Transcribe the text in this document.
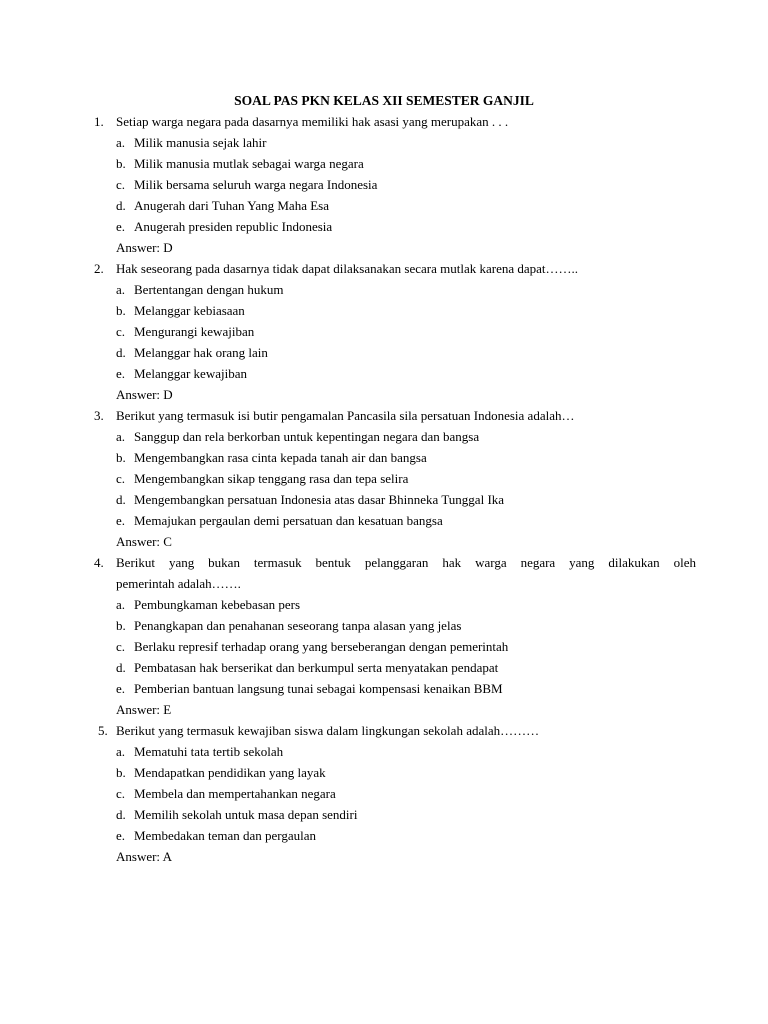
SOAL PAS PKN KELAS XII SEMESTER GANJIL
1. Setiap warga negara pada dasarnya memiliki hak asasi yang merupakan . . .
a. Milik manusia sejak lahir
b. Milik manusia mutlak sebagai warga negara
c. Milik bersama seluruh warga negara Indonesia
d. Anugerah dari Tuhan Yang Maha Esa
e. Anugerah presiden republic Indonesia
Answer: D
2. Hak seseorang pada dasarnya tidak dapat dilaksanakan secara mutlak karena dapat……..
a. Bertentangan dengan hukum
b. Melanggar kebiasaan
c. Mengurangi kewajiban
d. Melanggar hak orang lain
e. Melanggar kewajiban
Answer: D
3. Berikut yang termasuk isi butir pengamalan Pancasila sila persatuan Indonesia adalah…
a. Sanggup dan rela berkorban untuk kepentingan negara dan bangsa
b. Mengembangkan rasa cinta kepada tanah air dan bangsa
c. Mengembangkan sikap tenggang rasa dan tepa selira
d. Mengembangkan persatuan Indonesia atas dasar Bhinneka Tunggal Ika
e. Memajukan pergaulan demi persatuan dan kesatuan bangsa
Answer: C
4. Berikut yang bukan termasuk bentuk pelanggaran hak warga negara yang dilakukan oleh
pemerintah adalah…….
a. Pembungkaman kebebasan pers
b. Penangkapan dan penahanan seseorang tanpa alasan yang jelas
c. Berlaku represif terhadap orang yang berseberangan dengan pemerintah
d. Pembatasan hak berserikat dan berkumpul serta menyatakan pendapat
e. Pemberian bantuan langsung tunai sebagai kompensasi kenaikan BBM
Answer: E
5. Berikut yang termasuk kewajiban siswa dalam lingkungan sekolah adalah………
a. Mematuhi tata tertib sekolah
b. Mendapatkan pendidikan yang layak
c. Membela dan mempertahankan negara
d. Memilih sekolah untuk masa depan sendiri
e. Membedakan teman dan pergaulan
Answer: A
